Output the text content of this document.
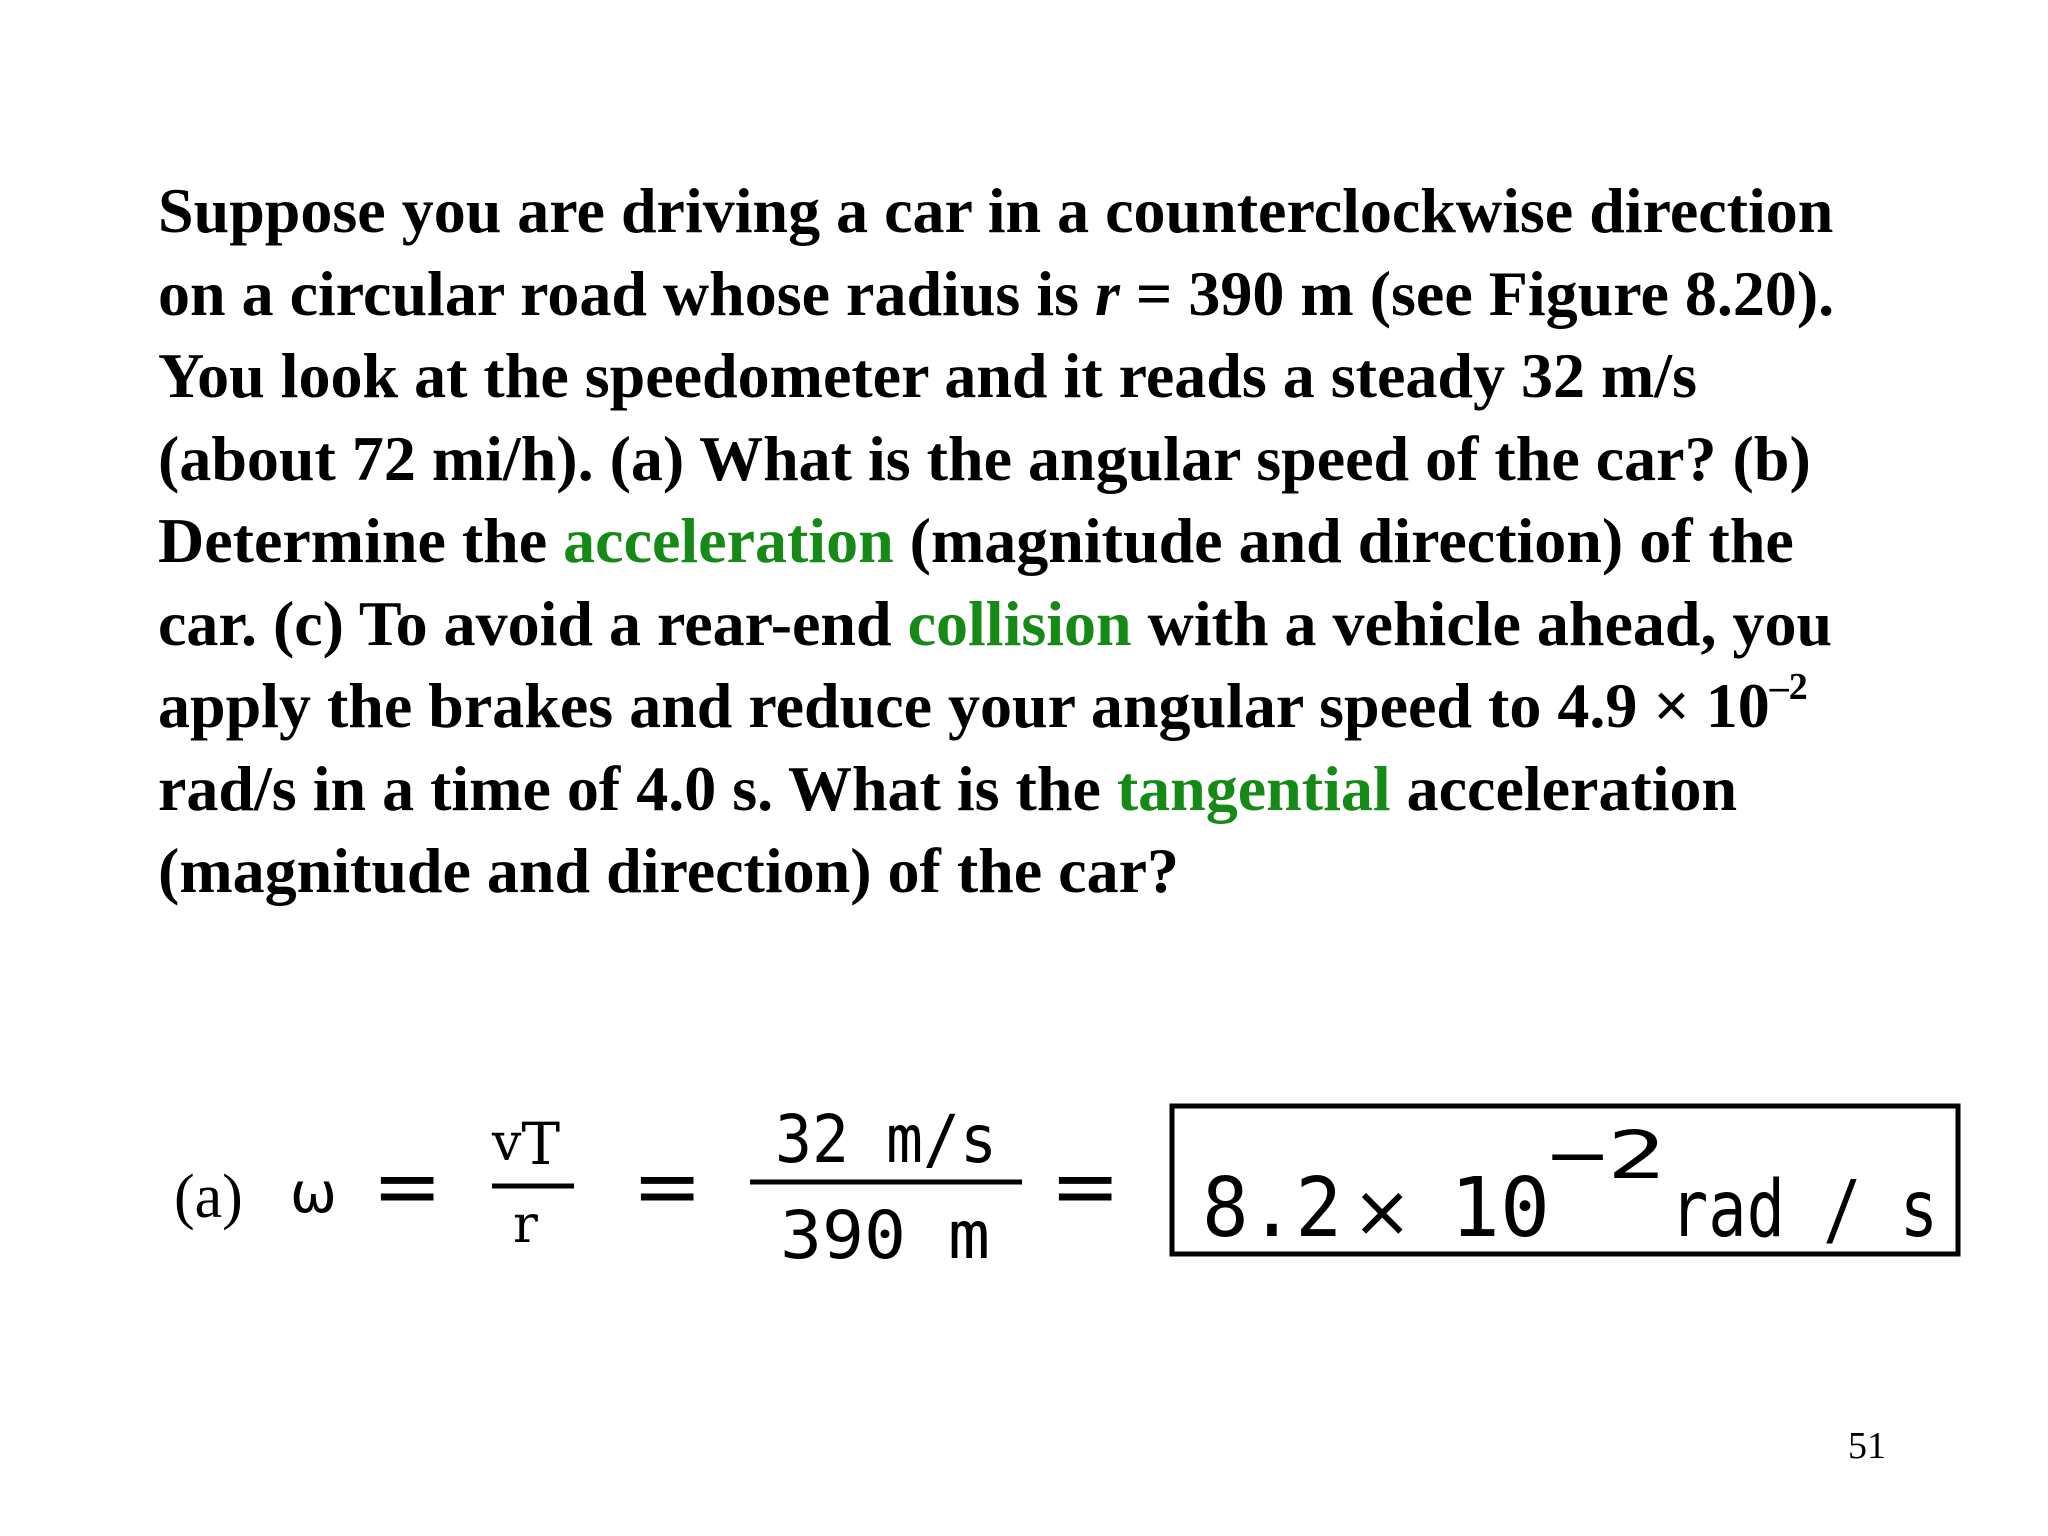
Suppose you are driving a car in a counterclockwise direction
on a circular road whose radius is r = 390 m (see Figure 8.20).
You look at the speedometer and it reads a steady 32 m/s
(about 72 mi/h). (a) What is the angular speed of the car? (b)
Determine the acceleration (magnitude and direction) of the
car. (c) To avoid a rear-end collision with a vehicle ahead, you
apply the brakes and reduce your angular speed to $4.9 \times 10^{-2}$
rad/s in a time of 4.0 s. What is the tangential acceleration
(magnitude and direction) of the car?
(a) ω = vT
r = 32 m/s
390 m
= 8.2 × 10
−2
rad / s
51
